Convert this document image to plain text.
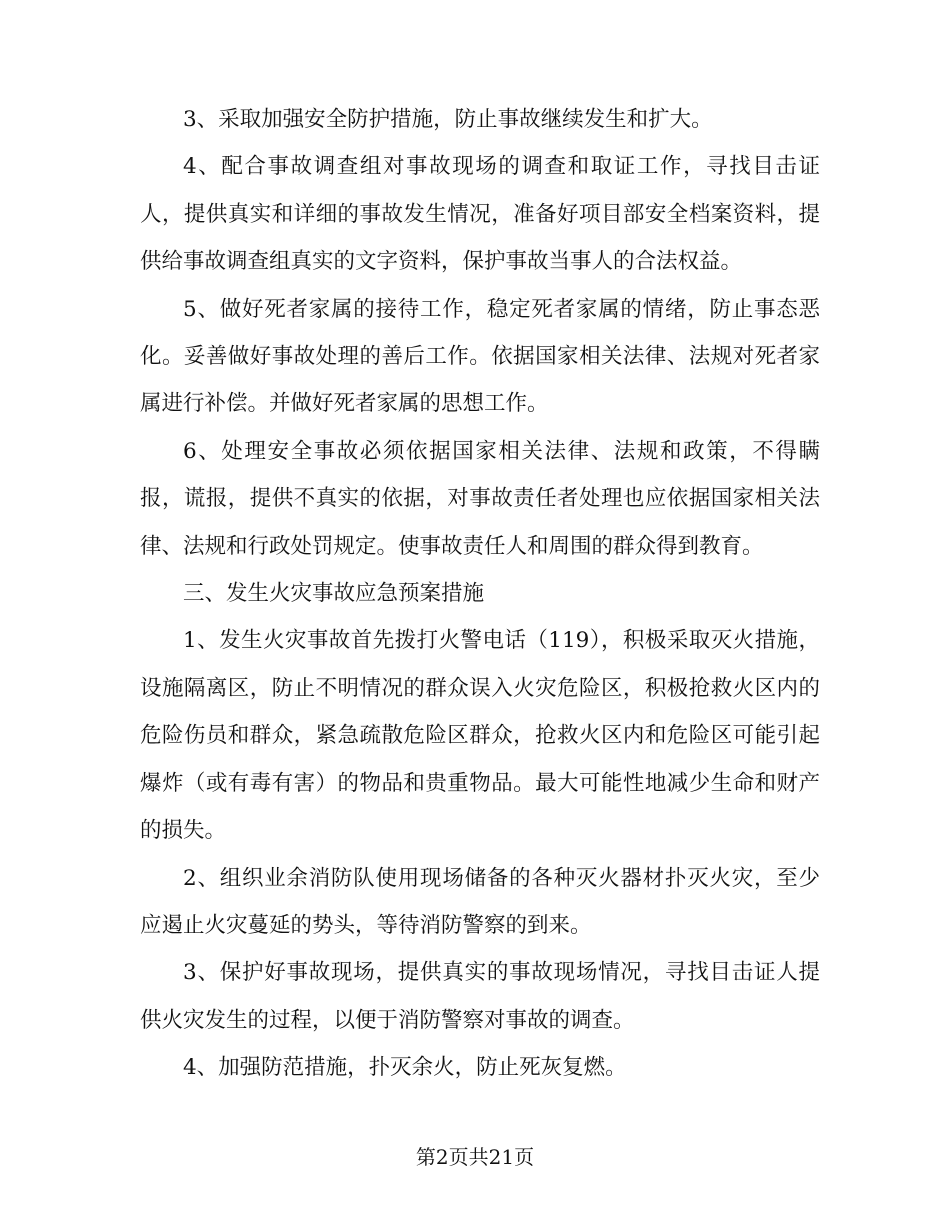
3、采取加强安全防护措施，防止事故继续发生和扩大。

4、配合事故调查组对事故现场的调查和取证工作，寻找目击证人，提供真实和详细的事故发生情况，准备好项目部安全档案资料，提供给事故调查组真实的文字资料，保护事故当事人的合法权益。

5、做好死者家属的接待工作，稳定死者家属的情绪，防止事态恶化。妥善做好事故处理的善后工作。依据国家相关法律、法规对死者家属进行补偿。并做好死者家属的思想工作。

6、处理安全事故必须依据国家相关法律、法规和政策，不得瞒报，谎报，提供不真实的依据，对事故责任者处理也应依据国家相关法律、法规和行政处罚规定。使事故责任人和周围的群众得到教育。

三、发生火灾事故应急预案措施

1、发生火灾事故首先拨打火警电话（119），积极采取灭火措施，设施隔离区，防止不明情况的群众误入火灾危险区，积极抢救火区内的危险伤员和群众，紧急疏散危险区群众，抢救火区内和危险区可能引起爆炸（或有毒有害）的物品和贵重物品。最大可能性地减少生命和财产的损失。

2、组织业余消防队使用现场储备的各种灭火器材扑灭火灾，至少应遏止火灾蔓延的势头，等待消防警察的到来。

3、保护好事故现场，提供真实的事故现场情况，寻找目击证人提供火灾发生的过程，以便于消防警察对事故的调查。

4、加强防范措施，扑灭余火，防止死灰复燃。

第2页共21页
